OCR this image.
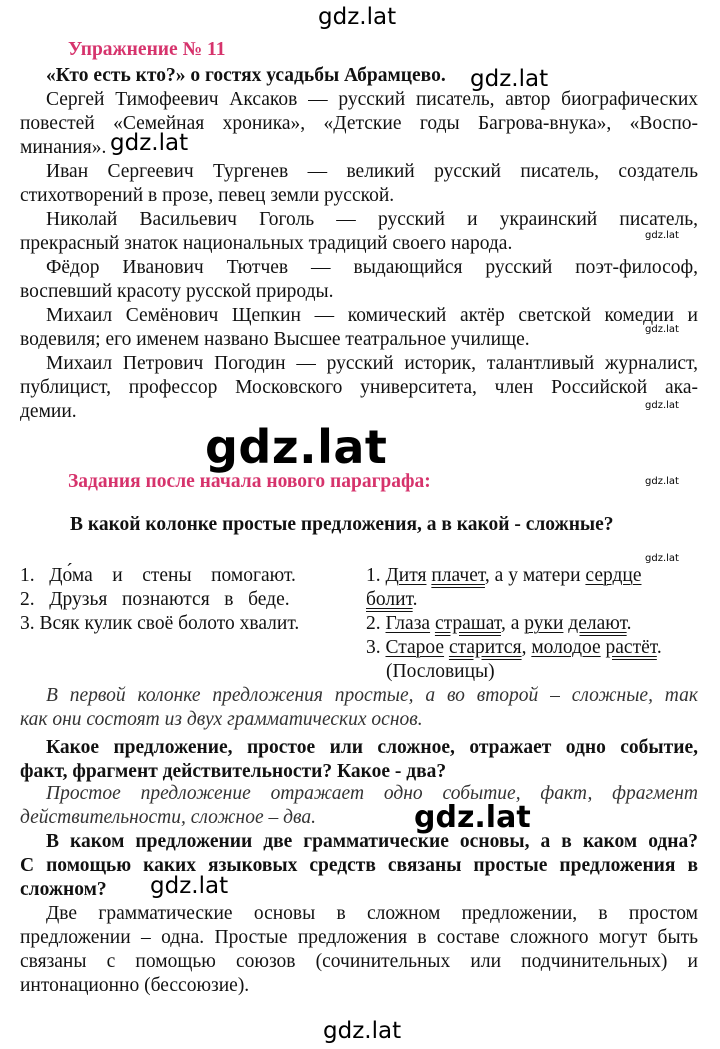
gdz.lat
gdz.lat
gdz.lat
gdz.lat
gdz.lat
gdz.lat
gdz.lat
gdz.lat
gdz.lat
gdz.lat
gdz.lat
gdz.lat
Упражнение № 11
«Кто есть кто?» о гостях усадьбы Абрамцево.
Сергей Тимофеевич Аксаков — русский писатель, автор биографических
повестей «Семейная хроника», «Детские годы Багрова-внука», «Воспо-
минания».
Иван Сергеевич Тургенев — великий русский писатель, создатель
стихотворений в прозе, певец земли русской.
Николай Васильевич Гоголь — русский и украинский писатель,
прекрасный знаток национальных традиций своего народа.
Фёдор Иванович Тютчев — выдающийся русский поэт-философ,
воспевший красоту русской природы.
Михаил Семёнович Щепкин — комический актёр светской комедии и
водевиля; его именем названо Высшее театральное училище.
Михаил Петрович Погодин — русский историк, талантливый журналист,
публицист, профессор Московского университета, член Российской ака-
демии.
Задания после начала нового параграфа:
В какой колонке простые предложения, а в какой - сложные?
1.   До́ма    и    стены    помогают.
2.   Друзья   познаются   в   беде.
3. Всяк кулик своё болото хвалит.
1. Дитя плачет, а у матери сердце
болит.
2. Глаза страшат, а руки делают.
3. Старое старится, молодое растёт.
(Пословицы)
В первой колонке предложения простые, а во второй – сложные, так
как они состоят из двух грамматических основ.
Какое предложение, простое или сложное, отражает одно событие,
факт, фрагмент действительности? Какое - два?
Простое предложение отражает одно событие, факт, фрагмент
действительности, сложное – два.
В каком предложении две грамматические основы, а в каком одна?
С помощью каких языковых средств связаны простые предложения в
сложном?
Две грамматические основы в сложном предложении, в простом
предложении – одна. Простые предложения в составе сложного могут быть
связаны с помощью союзов (сочинительных или подчинительных) и
интонационно (бессоюзие).
